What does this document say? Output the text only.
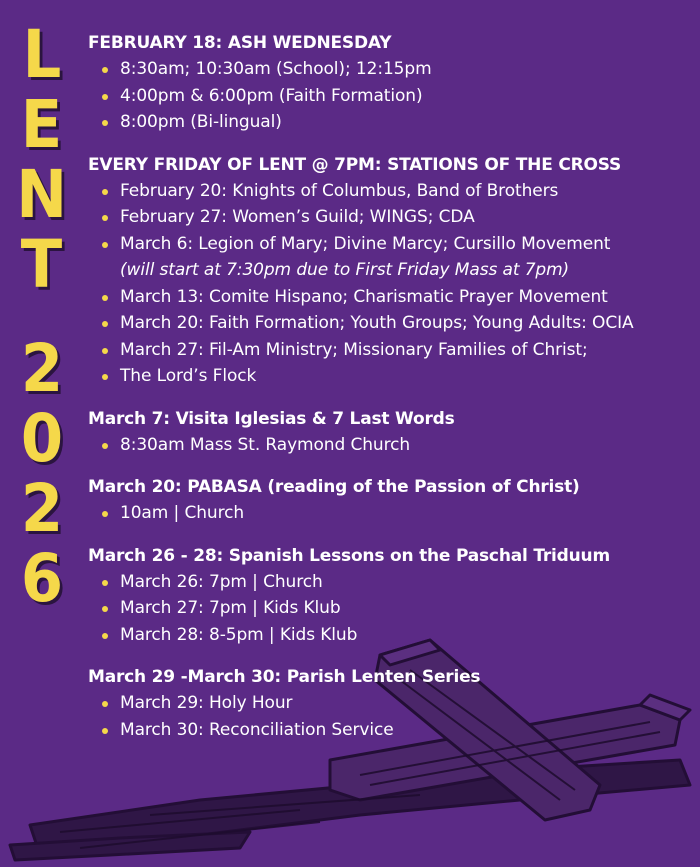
L
E
N
T
2
0
2
6
FEBRUARY 18: ASH WEDNESDAY
8:30am; 10:30am (School); 12:15pm
4:00pm & 6:00pm (Faith Formation)
8:00pm (Bi-lingual)
EVERY FRIDAY OF LENT @ 7PM: STATIONS OF THE CROSS
February 20: Knights of Columbus, Band of Brothers
February 27: Women’s Guild; WINGS; CDA
March 6: Legion of Mary; Divine Marcy; Cursillo Movement
(will start at 7:30pm due to First Friday Mass at 7pm)
March 13: Comite Hispano; Charismatic Prayer Movement
March 20: Faith Formation; Youth Groups; Young Adults: OCIA
March 27: Fil-Am Ministry; Missionary Families of Christ;
The Lord’s Flock
March 7: Visita Iglesias & 7 Last Words
8:30am Mass St. Raymond Church
March 20: PABASA (reading of the Passion of Christ)
10am | Church
March 26 - 28: Spanish Lessons on the Paschal Triduum
March 26: 7pm | Church
March 27: 7pm | Kids Klub
March 28: 8-5pm | Kids Klub
March 29 -March 30: Parish Lenten Series
March 29: Holy Hour
March 30: Reconciliation Service
